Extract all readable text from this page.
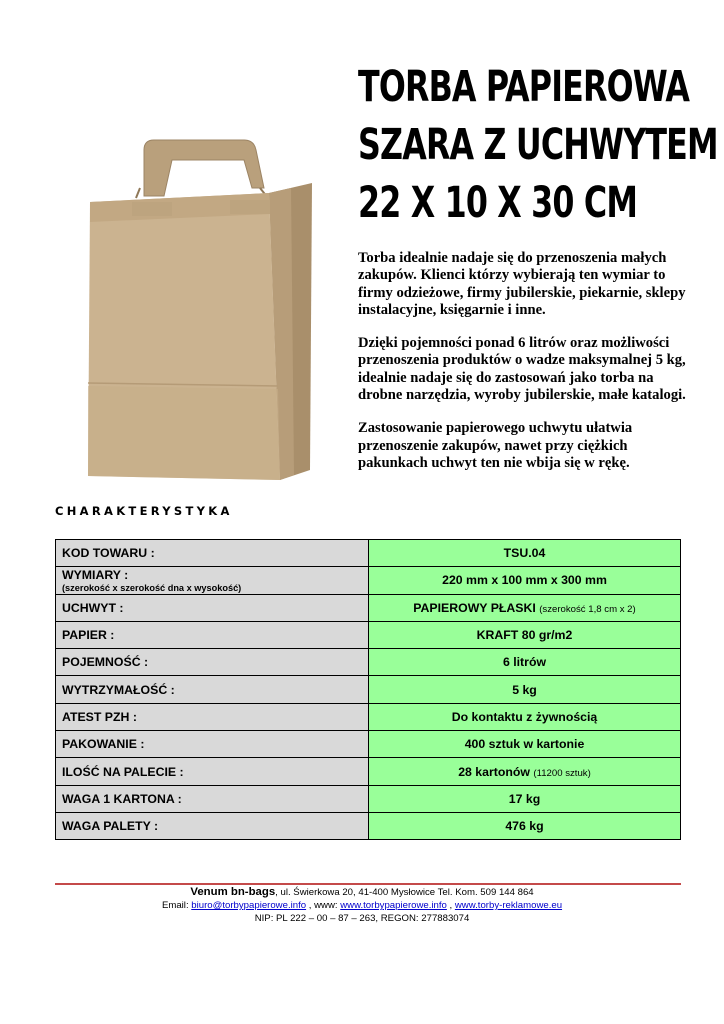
TORBA PAPIEROWA
SZARA Z UCHWYTEM
22 X 10 X 30 CM

Torba idealnie nadaje się do przenoszenia małych zakupów. Klienci którzy wybierają ten wymiar to firmy odzieżowe, firmy jubilerskie, piekarnie, sklepy instalacyjne, księgarnie i inne.

Dzięki pojemności ponad 6 litrów oraz możliwości przenoszenia produktów o wadze maksymalnej 5 kg, idealnie nadaje się do zastosowań jako torba na drobne narzędzia, wyroby jubilerskie, małe katalogi.

Zastosowanie papierowego uchwytu ułatwia przenoszenie zakupów, nawet przy ciężkich pakunkach uchwyt ten nie wbija się w rękę.

CHARAKTERYSTYKA
KOD TOWARU :	TSU.04
WYMIARY :
(szerokość x szerokość dna x wysokość)	220 mm x 100 mm x 300 mm
UCHWYT :	PAPIEROWY PŁASKI (szerokość 1,8 cm x 2)
PAPIER :	KRAFT 80 gr/m2
POJEMNOŚĆ :	6 litrów
WYTRZYMAŁOŚĆ :	5 kg
ATEST PZH :	Do kontaktu z żywnością
PAKOWANIE :	400 sztuk w kartonie
ILOŚĆ NA PALECIE :	28 kartonów (11200 sztuk)
WAGA 1 KARTONA :	17 kg
WAGA PALETY :	476 kg
Venum bn-bags, ul. Świerkowa 20, 41-400 Mysłowice Tel. Kom. 509 144 864
Email: biuro@torbypapierowe.info , www: www.torbypapierowe.info , www.torby-reklamowe.eu
NIP: PL 222 – 00 – 87 – 263, REGON: 277883074
